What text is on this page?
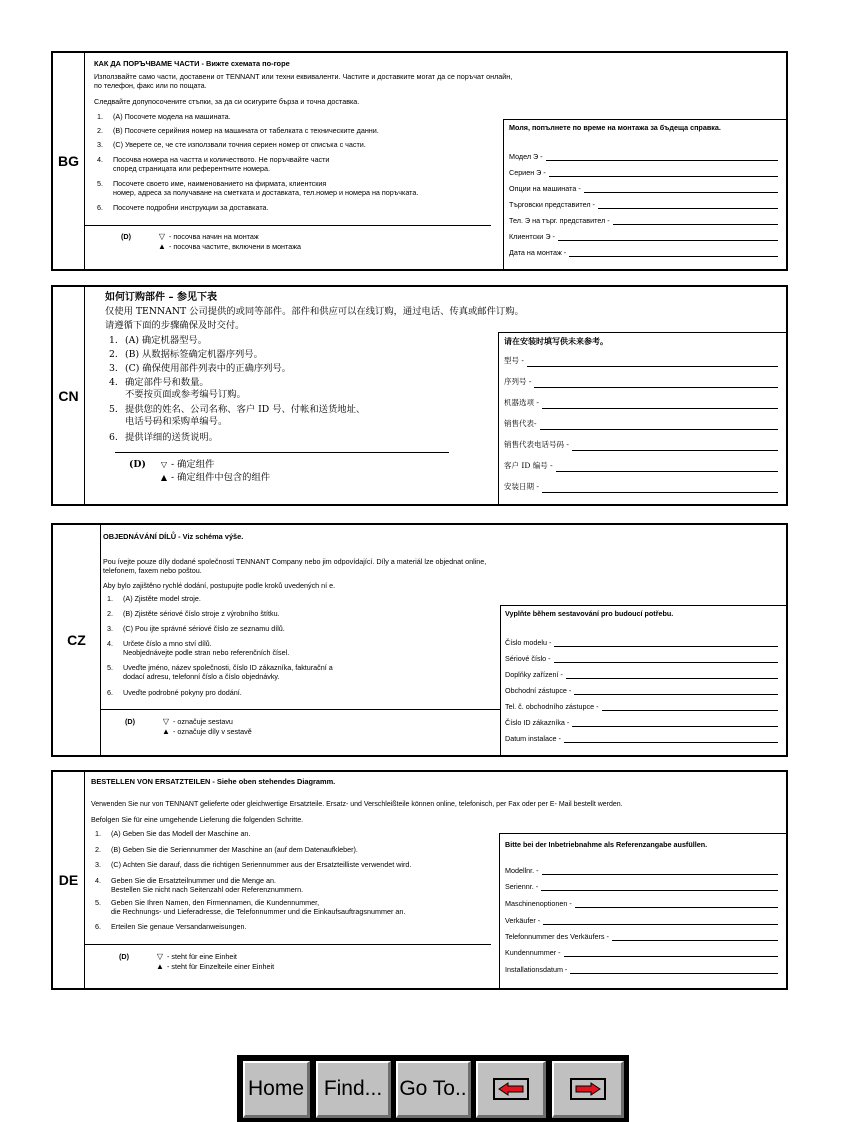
BG
КАК ДА ПОРЪЧВАМЕ ЧАСТИ - Вижте схемата по-горе
Използвайте само части, доставени от TENNANT или техни еквиваленти. Частите и доставките могат да се поръчат онлайн,
по телефон, факс или по пощата.
Следвайте допупосочените стъпки, за да си осигурите бърза и точна доставка.
1.	(A) Посочете модела на машината.
2.	(B) Посочете серийния номер на машината от табелката с техническите данни.
3.	(C) Уверете се, че сте използвали точния сериен номер от списъка с части.
4.	Посочва номера на частта и количеството. Не поръчвайте части
според страницата или референтните номера.
5.	Посочете своето име, наименованието на фирмата, клиентския
номер, адреса за получаване на сметката и доставката, тел.номер и номера на поръчката.
6.	Посочете подробни инструкции за доставката.
(D)	▽ - посочва начин на монтаж
▲ - посочва частите, включени в монтажа
Моля, попълнете по време на монтажа за бъдеща справка.
Модел Э -
Сериен Э -
Опции на машината -
Търговски представител -
Тел. Э на търг. представител -
Клиентски Э -
Дата на монтаж -
CN
如何订购部件 – 参见下表
仅使用 TENNANT 公司提供的或同等部件。部件和供应可以在线订购，通过电话、传真或邮件订购。
请遵循下面的步骤确保及时交付。
1. (A) 确定机器型号。
2. (B) 从数据标签确定机器序列号。
3. (C) 确保使用部件列表中的正确序列号。
4. 确定部件号和数量。
不要按页面或参考编号订购。
5. 提供您的姓名、公司名称、客户 ID 号、付帐和送货地址、
电话号码和采购单编号。
6. 提供详细的送货说明。
(D)	▽ - 确定组件
▲ - 确定组件中包含的组件
请在安装时填写供未来参考。
型号 -
序列号 -
机器选项 -
销售代表-
销售代表电话号码 -
客户 ID 编号 -
安装日期 -
CZ
OBJEDNÁVÁNÍ DÍLŮ - Viz schéma výše.
Pou ívejte pouze díly dodané společností TENNANT Company nebo jim odpovídající. Díly a materiál lze objednat online,
telefonem, faxem nebo poštou.
Aby bylo zajištěno rychlé dodání, postupujte podle kroků uvedených ní e.
1.	(A) Zjistěte model stroje.
2.	(B) Zjistěte sériové číslo stroje z výrobního štítku.
3.	(C) Pou ijte správné sériové číslo ze seznamu dílů.
4.	Určete číslo a mno ství dílů.
Neobjednávejte podle stran nebo referenčních čísel.
5.	Uveďte jméno, název společnosti, číslo ID zákazníka, fakturační a
dodací adresu, telefonní číslo a číslo objednávky.
6.	Uveďte podrobné pokyny pro dodání.
(D)	▽ - označuje sestavu
▲ - označuje díly v sestavě
Vyplňte během sestavování pro budoucí potřebu.
Číslo modelu -
Sériové číslo -
Doplňky zařízení -
Obchodní zástupce -
Tel. č. obchodního zástupce -
Číslo ID zákazníka -
Datum instalace -
DE
BESTELLEN VON ERSATZTEILEN - Siehe oben stehendes Diagramm.
Verwenden Sie nur von TENNANT gelieferte oder gleichwertige Ersatzteile. Ersatz- und Verschleißteile können online, telefonisch, per Fax oder per E- Mail bestellt werden.
Befolgen Sie für eine umgehende Lieferung die folgenden Schritte.
1.	(A) Geben Sie das Modell der Maschine an.
2.	(B) Geben Sie die Seriennummer der Maschine an (auf dem Datenaufkleber).
3.	(C) Achten Sie darauf, dass die richtigen Seriennummer aus der Ersatzteilliste verwendet wird.
4.	Geben Sie die Ersatzteilnummer und die Menge an.
Bestellen Sie nicht nach Seitenzahl oder Referenznummern.
5.	Geben Sie Ihren Namen, den Firmennamen, die Kundennummer,
die Rechnungs- und Lieferadresse, die Telefonnummer und die Einkaufsauftragsnummer an.
6.	Erteilen Sie genaue Versandanweisungen.
(D)	▽ - steht für eine Einheit
▲ - steht für Einzelteile einer Einheit
Bitte bei der Inbetriebnahme als Referenzangabe ausfüllen.
Modellnr. -
Seriennr. -
Maschinenoptionen -
Verkäufer -
Telefonnummer des Verkäufers -
Kundennummer -
Installationsdatum -
Home Find... Go To..
